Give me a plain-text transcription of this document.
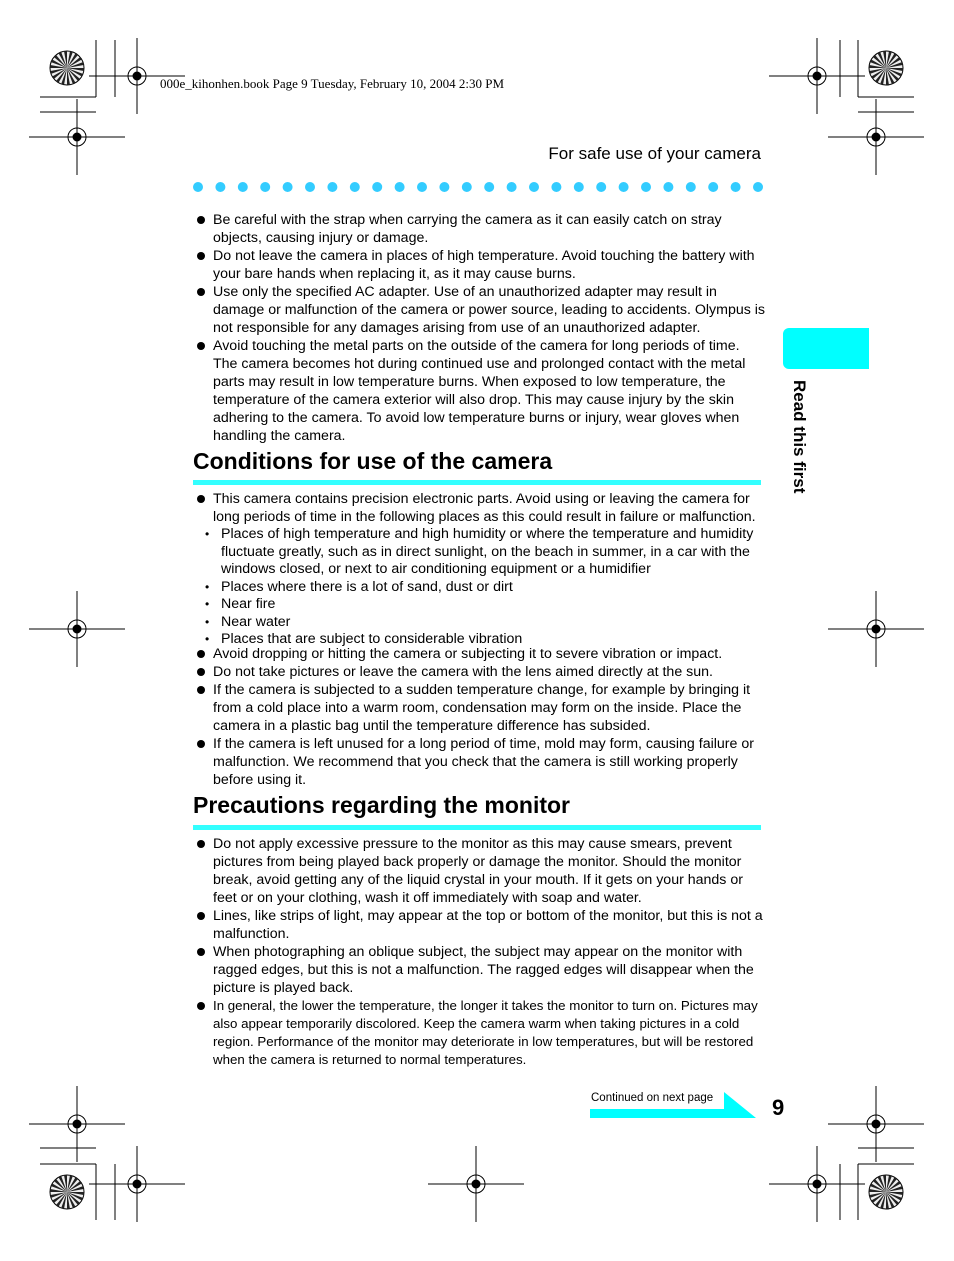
000e_kihonhen.book Page 9 Tuesday, February 10, 2004 2:30 PM
For safe use of your camera
Be careful with the strap when carrying the camera as it can easily catch on stray objects, causing injury or damage.
Do not leave the camera in places of high temperature. Avoid touching the battery with your bare hands when replacing it, as it may cause burns.
Use only the specified AC adapter. Use of an unauthorized adapter may result in damage or malfunction of the camera or power source, leading to accidents. Olympus is not responsible for any damages arising from use of an unauthorized adapter.
Avoid touching the metal parts on the outside of the camera for long periods of time. The camera becomes hot during continued use and prolonged contact with the metal parts may result in low temperature burns. When exposed to low temperature, the temperature of the camera exterior will also drop. This may cause injury by the skin adhering to the camera. To avoid low temperature burns or injury, wear gloves when handling the camera.
Conditions for use of the camera
This camera contains precision electronic parts. Avoid using or leaving the camera for long periods of time in the following places as this could result in failure or malfunction.
• Places of high temperature and high humidity or where the temperature and humidity fluctuate greatly, such as in direct sunlight, on the beach in summer, in a car with the windows closed, or next to air conditioning equipment or a humidifier
• Places where there is a lot of sand, dust or dirt
• Near fire
• Near water
• Places that are subject to considerable vibration
Avoid dropping or hitting the camera or subjecting it to severe vibration or impact.
Do not take pictures or leave the camera with the lens aimed directly at the sun.
If the camera is subjected to a sudden temperature change, for example by bringing it from a cold place into a warm room, condensation may form on the inside. Place the camera in a plastic bag until the temperature difference has subsided.
If the camera is left unused for a long period of time, mold may form, causing failure or malfunction. We recommend that you check that the camera is still working properly before using it.
Precautions regarding the monitor
Do not apply excessive pressure to the monitor as this may cause smears, prevent pictures from being played back properly or damage the monitor. Should the monitor break, avoid getting any of the liquid crystal in your mouth. If it gets on your hands or feet or on your clothing, wash it off immediately with soap and water.
Lines, like strips of light, may appear at the top or bottom of the monitor, but this is not a malfunction.
When photographing an oblique subject, the subject may appear on the monitor with ragged edges, but this is not a malfunction. The ragged edges will disappear when the picture is played back.
In general, the lower the temperature, the longer it takes the monitor to turn on. Pictures may also appear temporarily discolored. Keep the camera warm when taking pictures in a cold region. Performance of the monitor may deteriorate in low temperatures, but will be restored when the camera is returned to normal temperatures.
Read this first
Continued on next page	9
